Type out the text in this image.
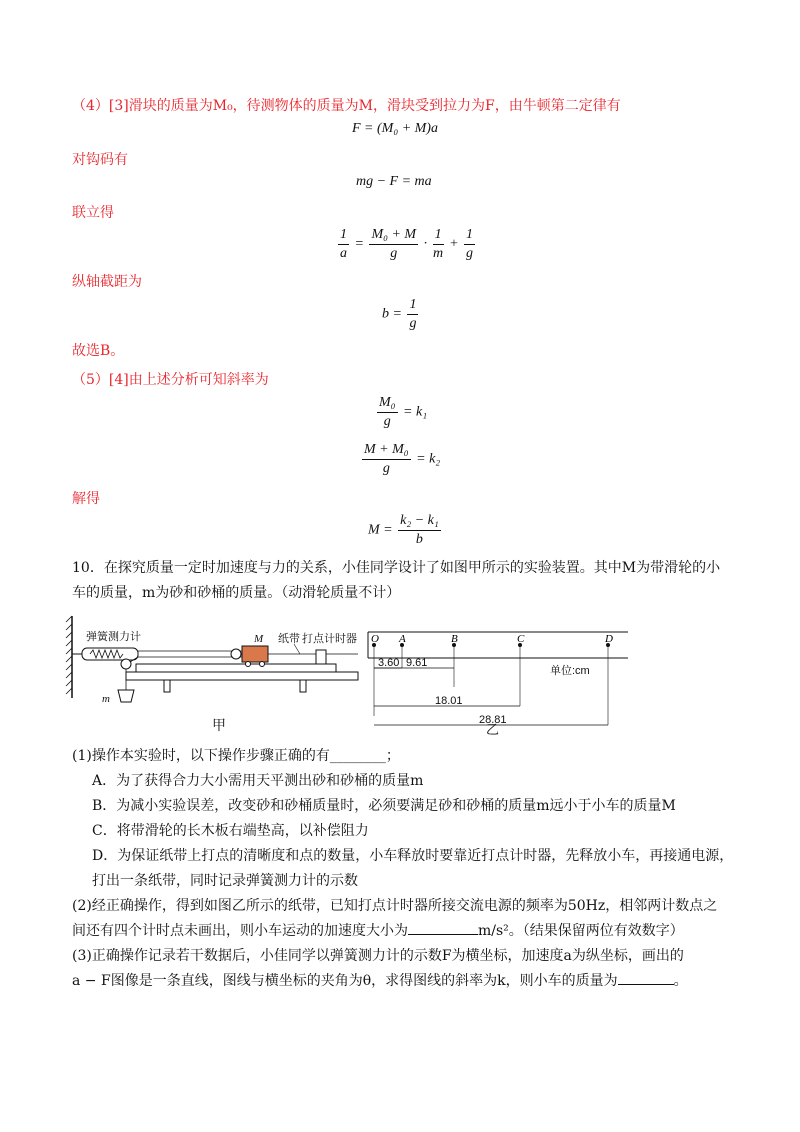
（4）[3]滑块的质量为M₀，待测物体的质量为M，滑块受到拉力为F，由牛顿第二定律有
F = (M₀ + M)a
对钩码有
mg − F = ma
联立得
$\frac{1}{a} = \frac{\text{M₀ + M}}{g} \cdot \frac{1}{m} + \frac{1}{g}$
纵轴截距为
$b = \frac{1}{g}$
故选B。
（5）[4]由上述分析可知斜率为
$\frac{\text{M₀}}{g} = k_1$
$\frac{\text{M + M₀}}{g} = k_2$
解得
$M = \frac{\text{k₂ − k₁}}{b}$
10．在探究质量一定时加速度与力的关系，小佳同学设计了如图甲所示的实验装置。其中M为带滑轮的小
车的质量，m为砂和砂桶的质量。（动滑轮质量不计）
弹簧测力计
m
M 纸带 打点计时器
甲
O A	B	C	D
单位:cm
3.60 9.61
18.01
28.81
乙
(1)操作本实验时，以下操作步骤正确的有________；
A．为了获得合力大小需用天平测出砂和砂桶的质量m
B．为减小实验误差，改变砂和砂桶质量时，必须要满足砂和砂桶的质量m远小于小车的质量M
C．将带滑轮的长木板右端垫高，以补偿阻力
D．为保证纸带上打点的清晰度和点的数量，小车释放时要靠近打点计时器，先释放小车，再接通电源，
打出一条纸带，同时记录弹簧测力计的示数
(2)经正确操作，得到如图乙所示的纸带，已知打点计时器所接交流电源的频率为50Hz，相邻两计数点之
间还有四个计时点未画出，则小车运动的加速度大小为	m/s²。（结果保留两位有效数字）
(3)正确操作记录若干数据后，小佳同学以弹簧测力计的示数F为横坐标，加速度a为纵坐标，画出的
a − F图像是一条直线，图线与横坐标的夹角为θ，求得图线的斜率为k，则小车的质量为	。
